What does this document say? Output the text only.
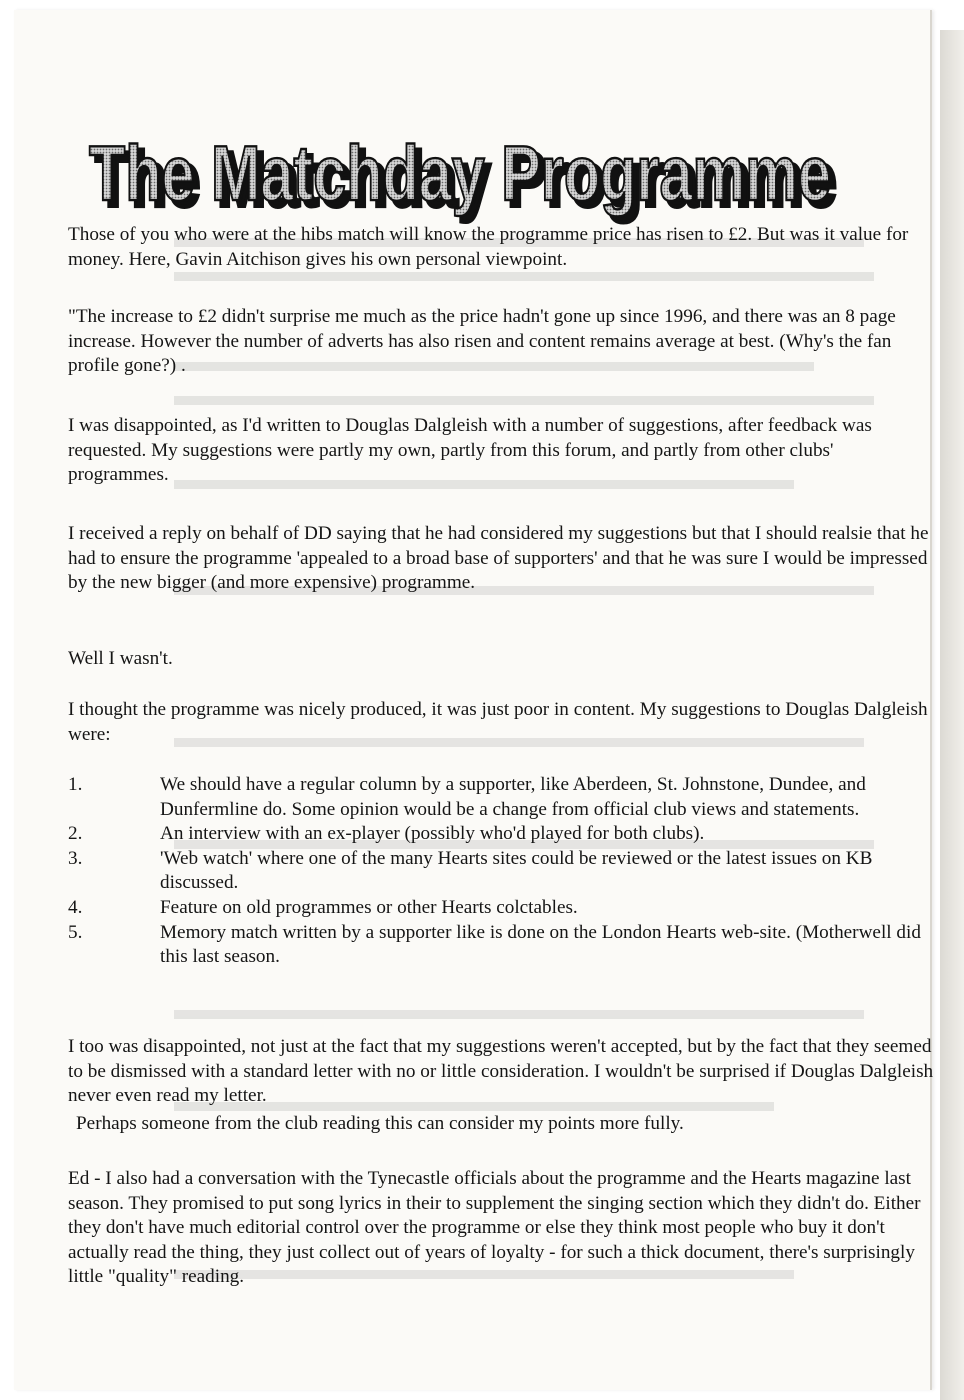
The Matchday Programme
The Matchday Programme

Those of you who were at the hibs match will know the programme price has risen to £2. But was it value for money. Here, Gavin Aitchison gives his own personal viewpoint.

"The increase to £2 didn't surprise me much as the price hadn't gone up since 1996, and there was an 8 page increase. However the number of adverts has also risen and content remains average at best. (Why's the fan profile gone?) .

I was disappointed, as I'd written to Douglas Dalgleish with a number of suggestions, after feedback was requested. My suggestions were partly my own, partly from this forum, and partly from other clubs' programmes.

I received a reply on behalf of DD saying that he had considered my suggestions but that I should realsie that he had to ensure the programme 'appealed to a broad base of supporters' and that he was sure I would be impressed by the new bigger (and more expensive) programme.

Well I wasn't.

I thought the programme was nicely produced, it was just poor in content. My suggestions to Douglas Dalgleish were:

1.	We should have a regular column by a supporter, like Aberdeen, St. Johnstone, Dundee, and Dunfermline do. Some opinion would be a change from official club views and statements.
2.	An interview with an ex-player (possibly who'd played for both clubs).
3.	'Web watch' where one of the many Hearts sites could be reviewed or the latest issues on KB discussed.
4.	Feature on old programmes or other Hearts colctables.
5.	Memory match written by a supporter like is done on the London Hearts web-site. (Motherwell did this last season.

I too was disappointed, not just at the fact that my suggestions weren't accepted, but by the fact that they seemed to be dismissed with a standard letter with no or little consideration. I wouldn't be surprised if Douglas Dalgleish never even read my letter.

Perhaps someone from the club reading this can consider my points more fully.

Ed - I also had a conversation with the Tynecastle officials about the programme and the Hearts magazine last season. They promised to put song lyrics in their to supplement the singing section which they didn't do. Either they don't have much editorial control over the programme or else they think most people who buy it don't actually read the thing, they just collect out of years of loyalty - for such a thick document, there's surprisingly little "quality" reading.
